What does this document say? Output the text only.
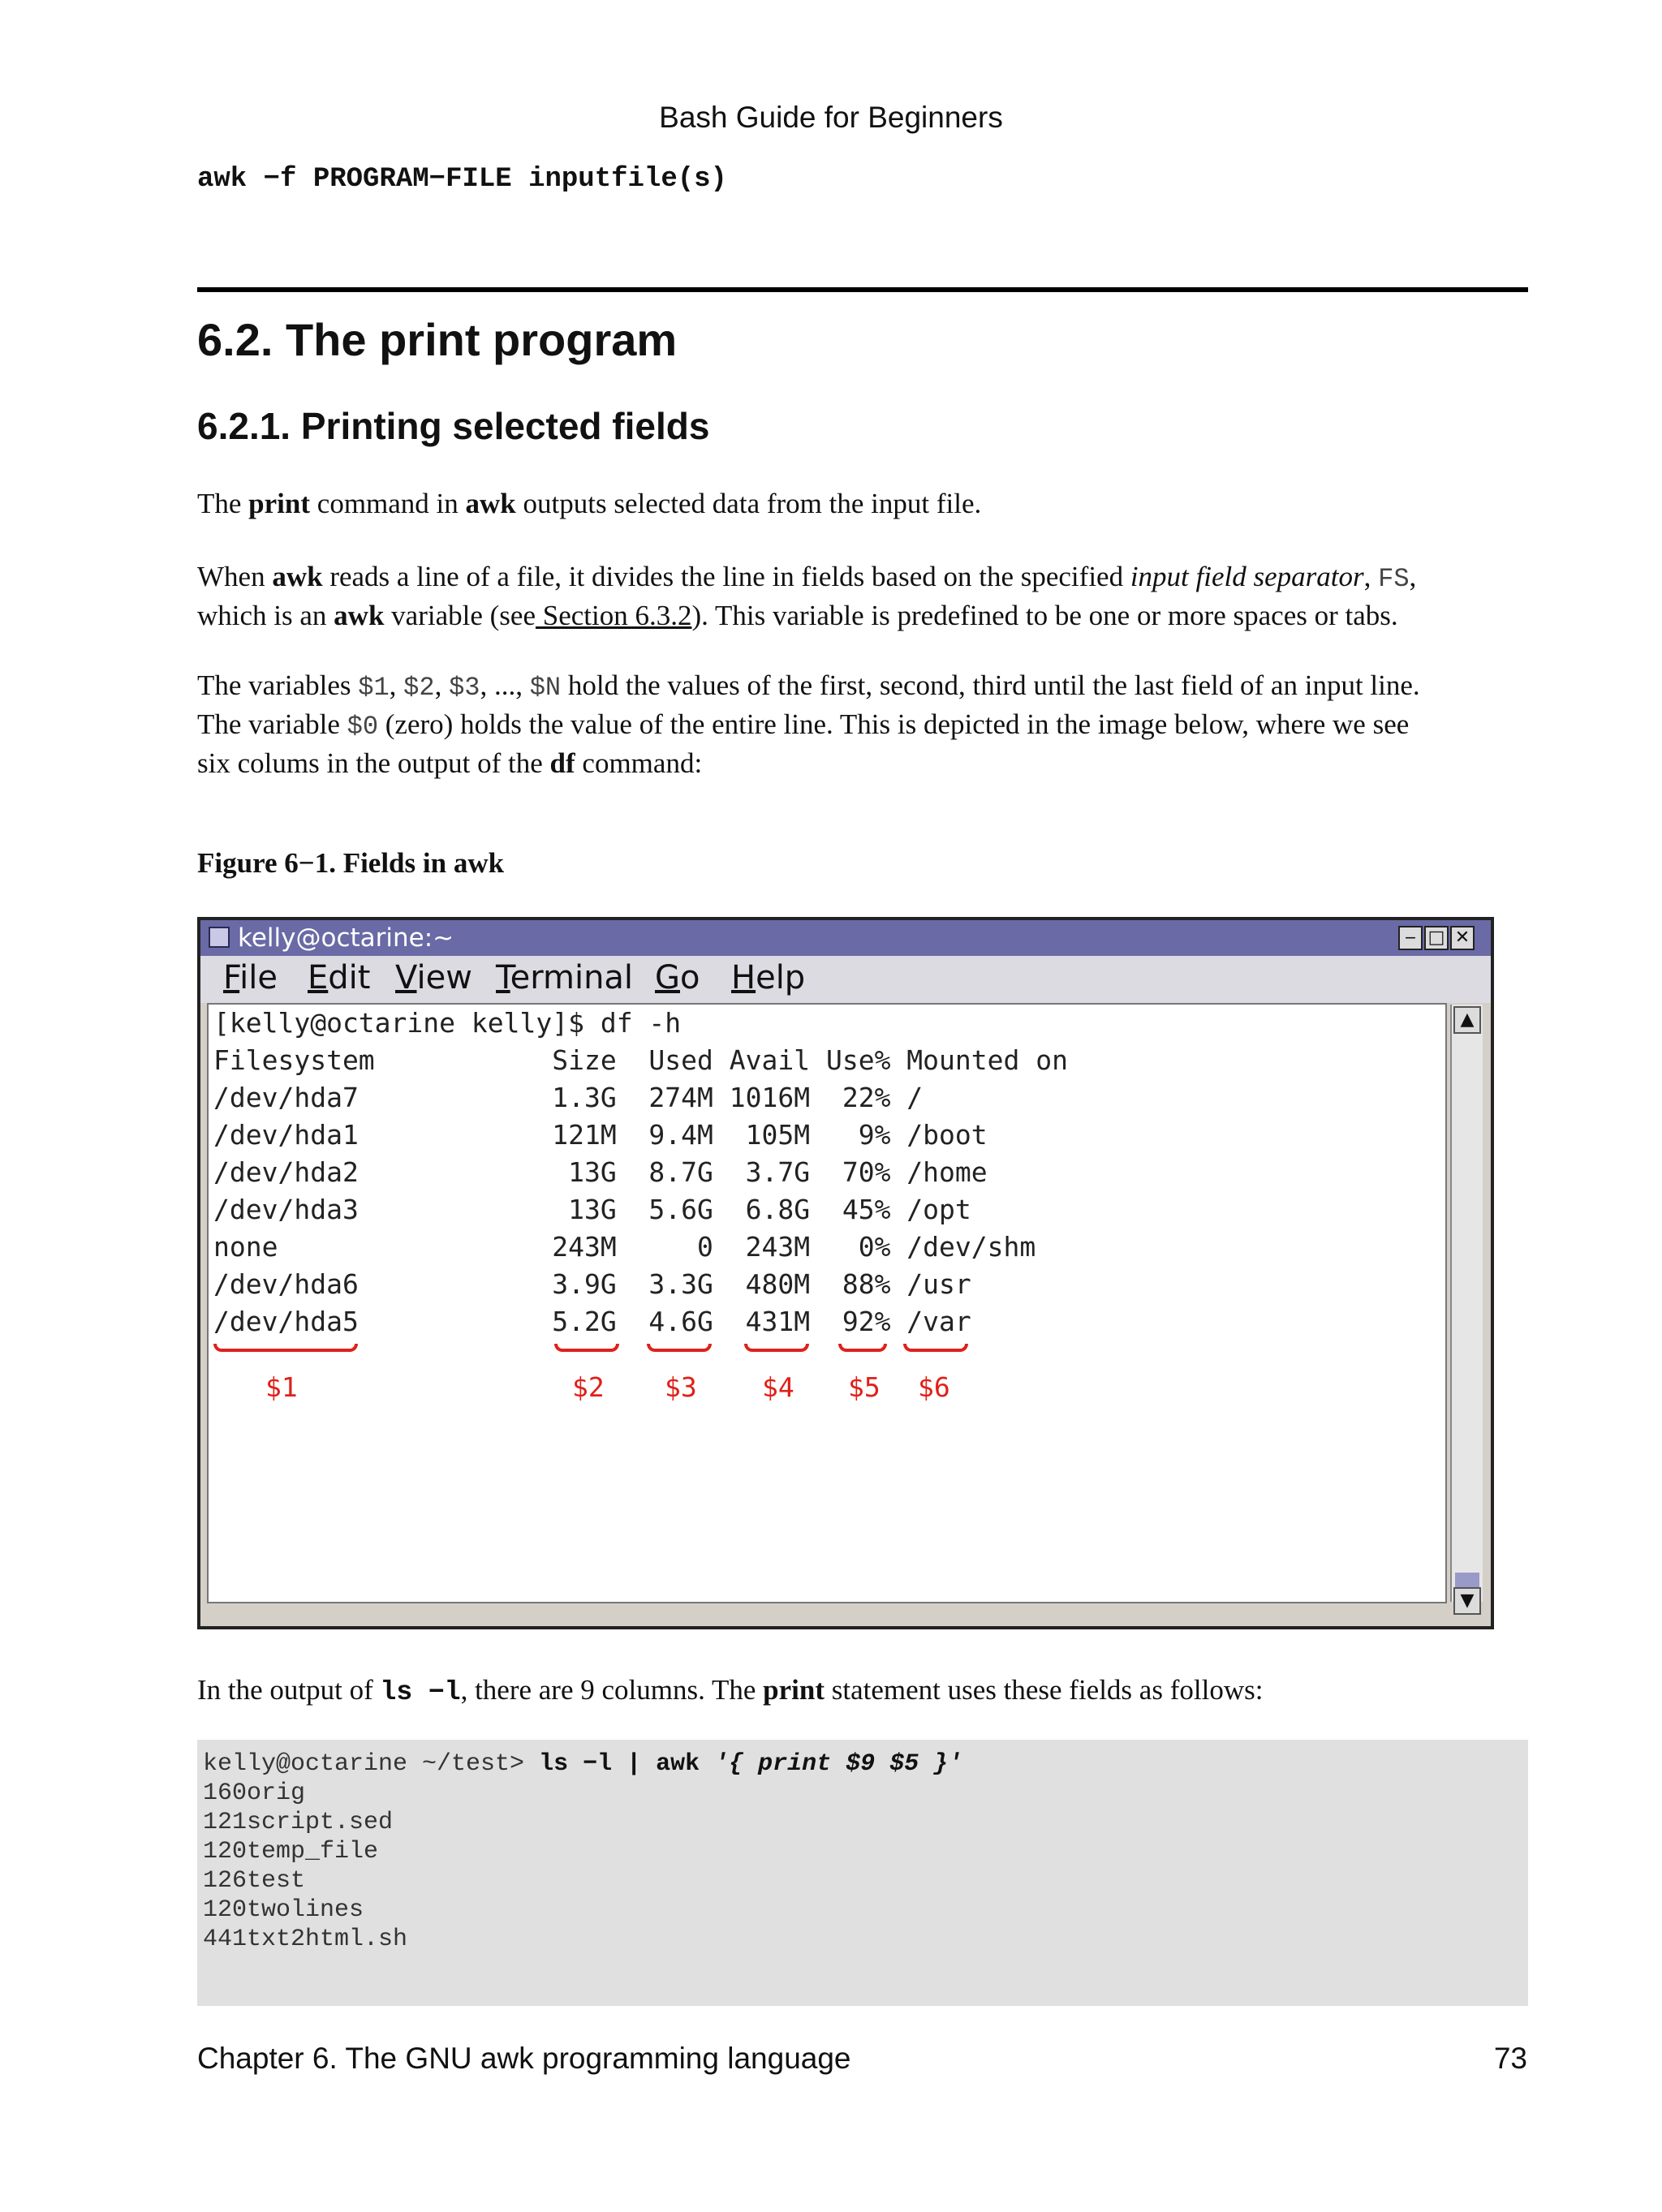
Bash Guide for Beginners
awk −f PROGRAM−FILE inputfile(s)
6.2. The print program
6.2.1. Printing selected fields
The print command in awk outputs selected data from the input file.
When awk reads a line of a file, it divides the line in fields based on the specified input field separator, FS,
which is an awk variable (see Section 6.3.2). This variable is predefined to be one or more spaces or tabs.
The variables $1, $2, $3, ..., $N hold the values of the first, second, third until the last field of an input line.
The variable $0 (zero) holds the value of the entire line. This is depicted in the image below, where we see
six colums in the output of the df command:
Figure 6−1. Fields in awk
kelly@octarine:~	‒ □ ✕
File Edit View Terminal Go Help
[kelly@octarine kelly]$ df -h
Filesystem           Size  Used Avail Use% Mounted on
/dev/hda7            1.3G  274M 1016M  22% /
/dev/hda1            121M  9.4M  105M   9% /boot
/dev/hda2             13G  8.7G  3.7G  70% /home
/dev/hda3             13G  5.6G  6.8G  45% /opt
none                 243M     0  243M   0% /dev/shm
/dev/hda6            3.9G  3.3G  480M  88% /usr
/dev/hda5            5.2G  4.6G  431M  92% /var
$1	$2 $3 $4 $5 $6
▲
▼
In the output of ls −l, there are 9 columns. The print statement uses these fields as follows:
kelly@octarine ~/test> ls −l | awk '{ print $9 $5 }'
160orig
121script.sed
120temp_file
126test
120twolines
441txt2html.sh
Chapter 6. The GNU awk programming language	73
